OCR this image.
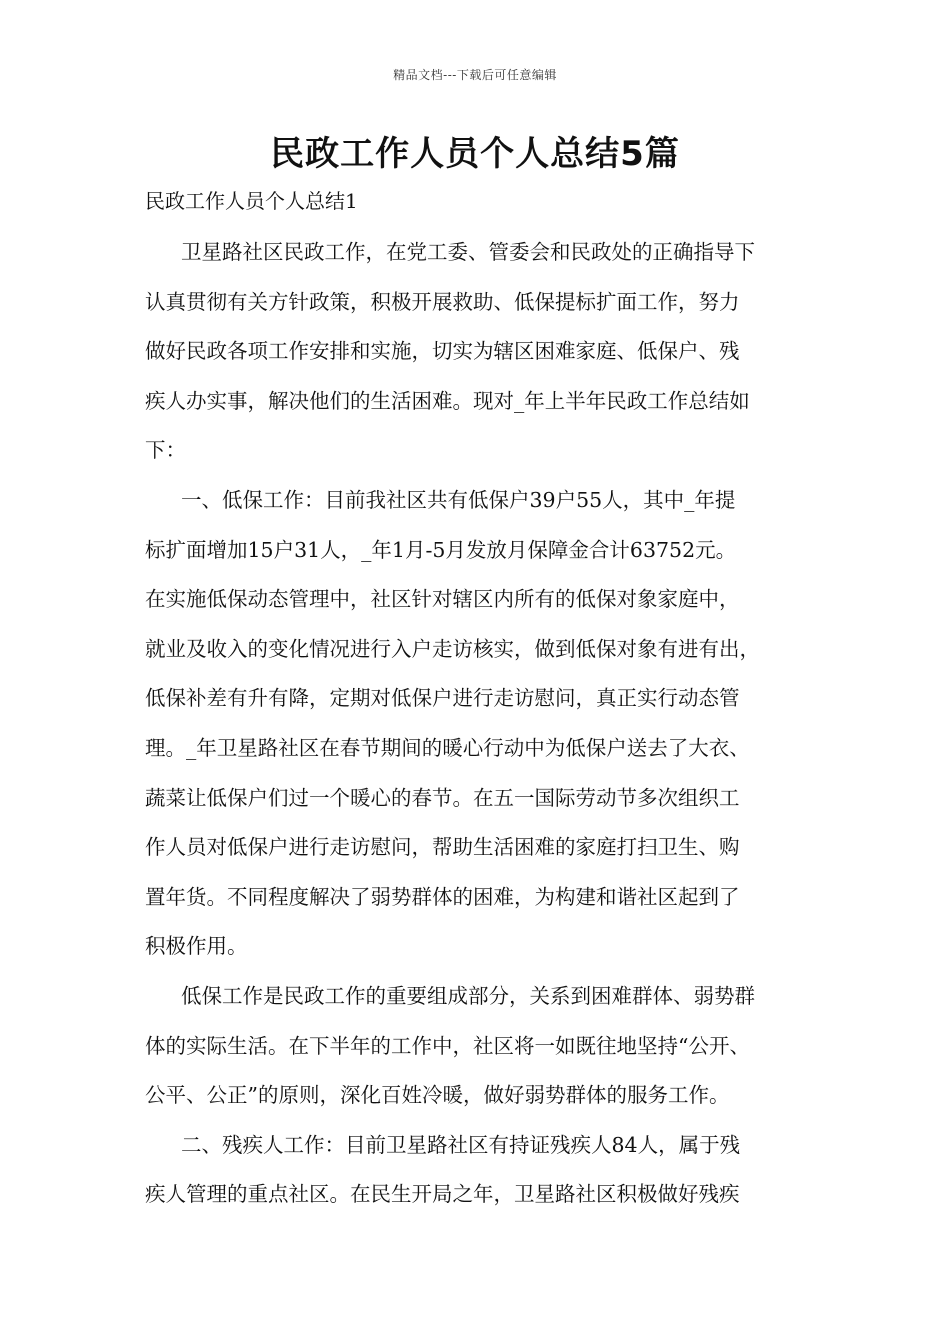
精品文档---下载后可任意编辑
民政工作人员个人总结5篇
民政工作人员个人总结1
卫星路社区民政工作，在党工委、管委会和民政处的正确指导下
认真贯彻有关方针政策，积极开展救助、低保提标扩面工作，努力
做好民政各项工作安排和实施，切实为辖区困难家庭、低保户、残
疾人办实事，解决他们的生活困难。现对_年上半年民政工作总结如
下：
一、低保工作：目前我社区共有低保户39户55人，其中_年提
标扩面增加15户31人，_年1月-5月发放月保障金合计63752元。
在实施低保动态管理中，社区针对辖区内所有的低保对象家庭中，
就业及收入的变化情况进行入户走访核实，做到低保对象有进有出，
低保补差有升有降，定期对低保户进行走访慰问，真正实行动态管
理。_年卫星路社区在春节期间的暖心行动中为低保户送去了大衣、
蔬菜让低保户们过一个暖心的春节。在五一国际劳动节多次组织工
作人员对低保户进行走访慰问，帮助生活困难的家庭打扫卫生、购
置年货。不同程度解决了弱势群体的困难，为构建和谐社区起到了
积极作用。
低保工作是民政工作的重要组成部分，关系到困难群体、弱势群
体的实际生活。在下半年的工作中，社区将一如既往地坚持“公开、
公平、公正”的原则，深化百姓冷暖，做好弱势群体的服务工作。
二、残疾人工作：目前卫星路社区有持证残疾人84人，属于残
疾人管理的重点社区。在民生开局之年，卫星路社区积极做好残疾
